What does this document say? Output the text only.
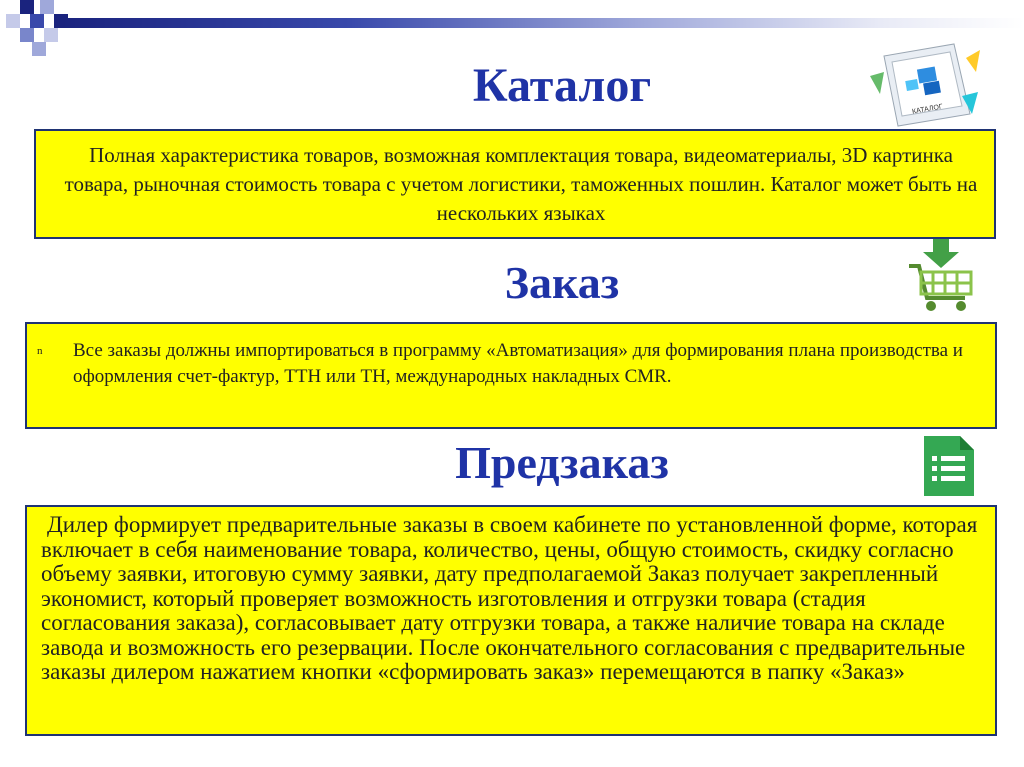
КАТАЛОГ
Каталог

Полная характеристика товаров, возможная комплектация товара, видеоматериалы, 3D картинка товара, рыночная стоимость товара с учетом логистики, таможенных пошлин. Каталог может быть на нескольких языках

Заказ
n	Все заказы должны импортироваться в программу «Автоматизация» для формирования плана производства и оформления счет-фактур, ТТН или ТН, международных накладных CMR.

Предзаказ

Дилер формирует предварительные заказы в своем кабинете по установленной форме, которая включает в себя наименование товара, количество, цены, общую стоимость, скидку согласно объему заявки, итоговую сумму заявки, дату предполагаемой Заказ получает закрепленный экономист, который проверяет возможность изготовления и отгрузки товара (стадия согласования заказа), согласовывает дату отгрузки товара, а также наличие товара на складе завода и возможность его резервации. После окончательного согласования с предварительные заказы дилером нажатием кнопки «сформировать заказ» перемещаются в папку «Заказ»
